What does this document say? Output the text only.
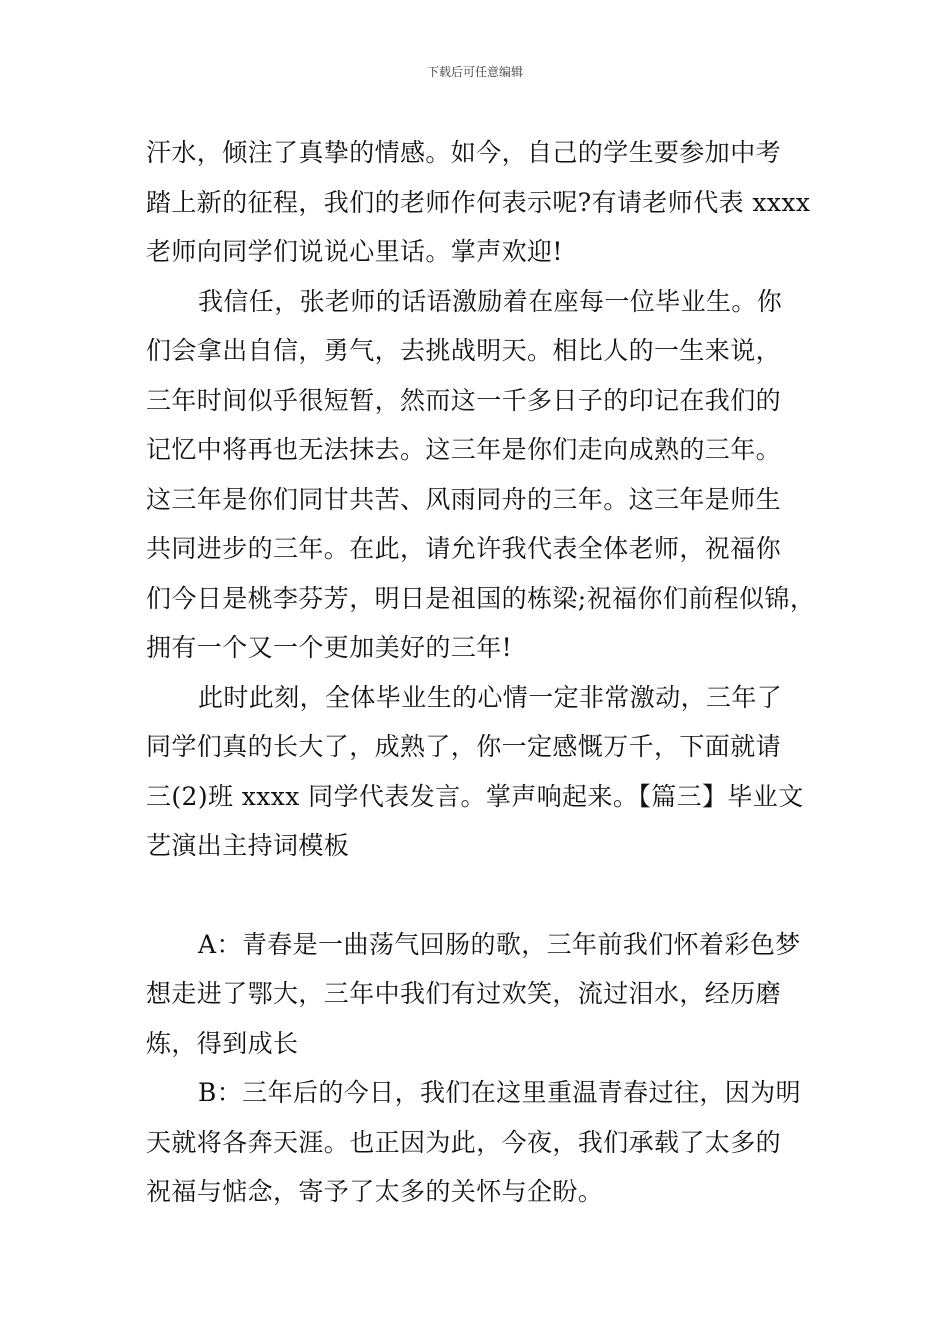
下载后可任意编辑
汗水，倾注了真挚的情感。如今，自己的学生要参加中考
踏上新的征程，我们的老师作何表示呢?有请老师代表 xxxx
老师向同学们说说心里话。掌声欢迎!
我信任，张老师的话语激励着在座每一位毕业生。你
们会拿出自信，勇气，去挑战明天。相比人的一生来说，
三年时间似乎很短暂，然而这一千多日子的印记在我们的
记忆中将再也无法抹去。这三年是你们走向成熟的三年。
这三年是你们同甘共苦、风雨同舟的三年。这三年是师生
共同进步的三年。在此，请允许我代表全体老师，祝福你
们今日是桃李芬芳，明日是祖国的栋梁;祝福你们前程似锦，
拥有一个又一个更加美好的三年!
此时此刻，全体毕业生的心情一定非常激动，三年了
同学们真的长大了，成熟了，你一定感慨万千，下面就请
三(2)班 xxxx 同学代表发言。掌声响起来。【篇三】毕业文
艺演出主持词模板
A：青春是一曲荡气回肠的歌，三年前我们怀着彩色梦
想走进了鄂大，三年中我们有过欢笑，流过泪水，经历磨
炼，得到成长
B：三年后的今日，我们在这里重温青春过往，因为明
天就将各奔天涯。也正因为此，今夜，我们承载了太多的
祝福与惦念，寄予了太多的关怀与企盼。
